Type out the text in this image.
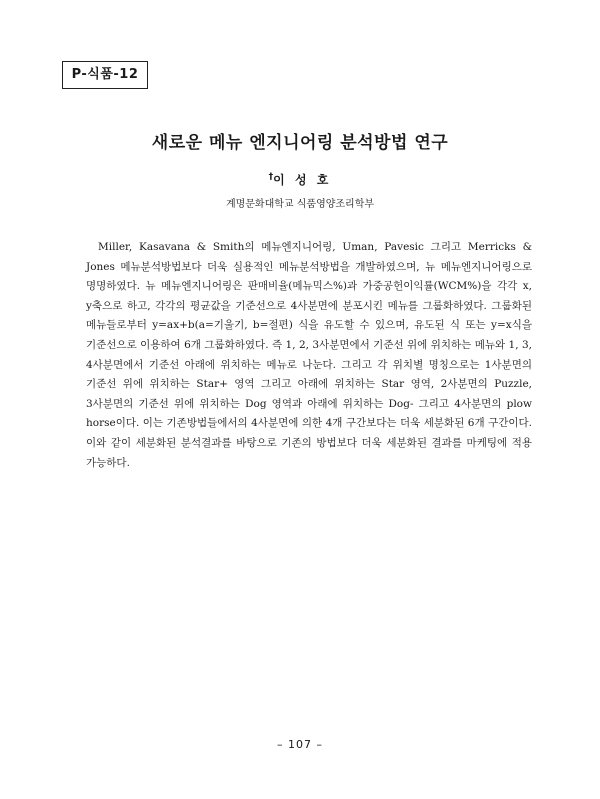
P-식품-12
새로운 메뉴 엔지니어링 분석방법 연구
†이 성 호
계명문화대학교 식품영양조리학부

Miller, Kasavana & Smith의 메뉴엔지니어링, Uman, Pavesic 그리고 Merricks & Jones 메뉴분석방법보다 더욱 실용적인 메뉴분석방법을 개발하였으며, 뉴 메뉴엔지니어링으로 명명하였다. 뉴 메뉴엔지니어링은 판매비율(메뉴믹스%)과 가중공헌이익률(WCM%)을 각각 x, y축으로 하고, 각각의 평균값을 기준선으로 4사분면에 분포시킨 메뉴를 그룹화하였다. 그룹화된 메뉴들로부터 y=ax+b(a=기울기, b=절편) 식을 유도할 수 있으며, 유도된 식 또는 y=x식을 기준선으로 이용하여 6개 그룹화하였다. 즉 1, 2, 3사분면에서 기준선 위에 위치하는 메뉴와 1, 3, 4사분면에서 기준선 아래에 위치하는 메뉴로 나눈다. 그리고 각 위치별 명칭으로는 1사분면의 기준선 위에 위치하는 Star+ 영역 그리고 아래에 위치하는 Star 영역, 2사분면의 Puzzle, 3사분면의 기준선 위에 위치하는 Dog 영역과 아래에 위치하는 Dog- 그리고 4사분면의 plow horse이다. 이는 기존방법들에서의 4사분면에 의한 4개 구간보다는 더욱 세분화된 6개 구간이다. 이와 같이 세분화된 분석결과를 바탕으로 기존의 방법보다 더욱 세분화된 결과를 마케팅에 적용 가능하다.

– 107 –
